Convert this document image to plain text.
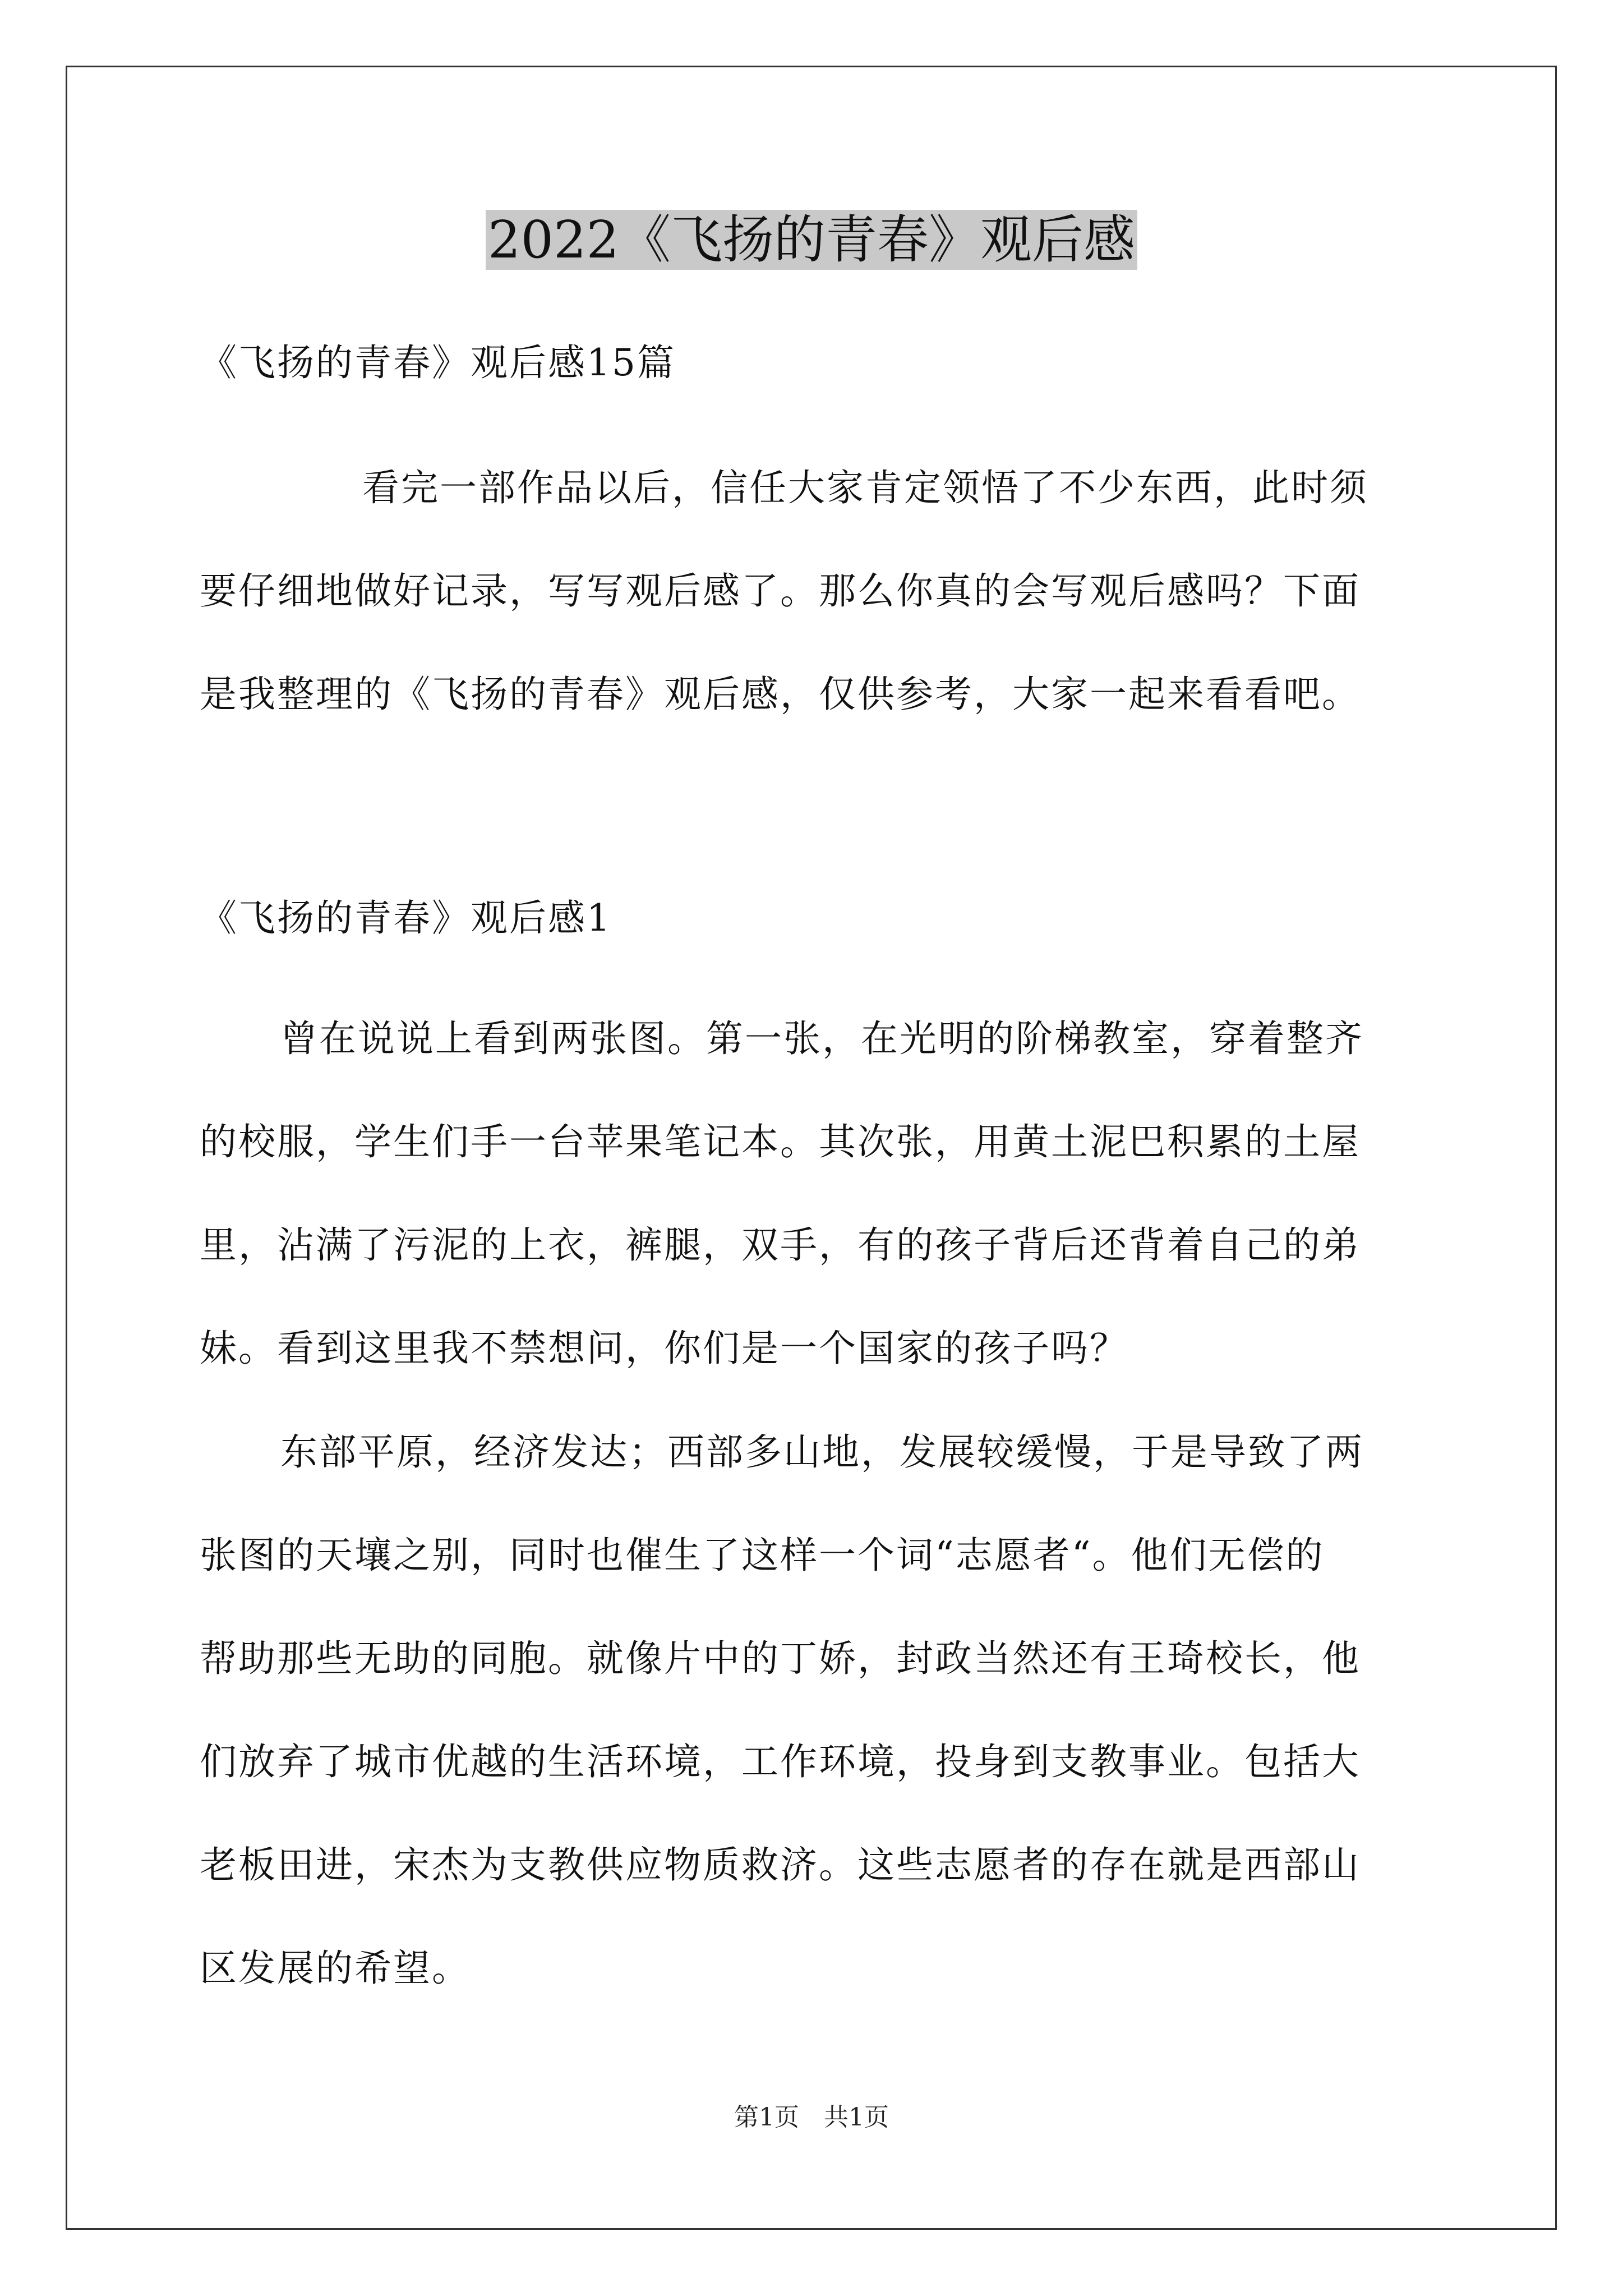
2022《飞扬的青春》观后感
《飞扬的青春》观后感15篇
看完一部作品以后，信任大家肯定领悟了不少东西，此时须
要仔细地做好记录，写写观后感了。那么你真的会写观后感吗？下面
是我整理的《飞扬的青春》观后感，仅供参考，大家一起来看看吧。
《飞扬的青春》观后感1
曾在说说上看到两张图。第一张，在光明的阶梯教室，穿着整齐
的校服，学生们手一台苹果笔记本。其次张，用黄土泥巴积累的土屋
里，沾满了污泥的上衣，裤腿，双手，有的孩子背后还背着自己的弟
妹。看到这里我不禁想问，你们是一个国家的孩子吗？
东部平原，经济发达；西部多山地，发展较缓慢，于是导致了两
张图的天壤之别，同时也催生了这样一个词“志愿者“。他们无偿的
帮助那些无助的同胞。就像片中的丁娇，封政当然还有王琦校长，他
们放弃了城市优越的生活环境，工作环境，投身到支教事业。包括大
老板田进，宋杰为支教供应物质救济。这些志愿者的存在就是西部山
区发展的希望。
第1页　共1页
